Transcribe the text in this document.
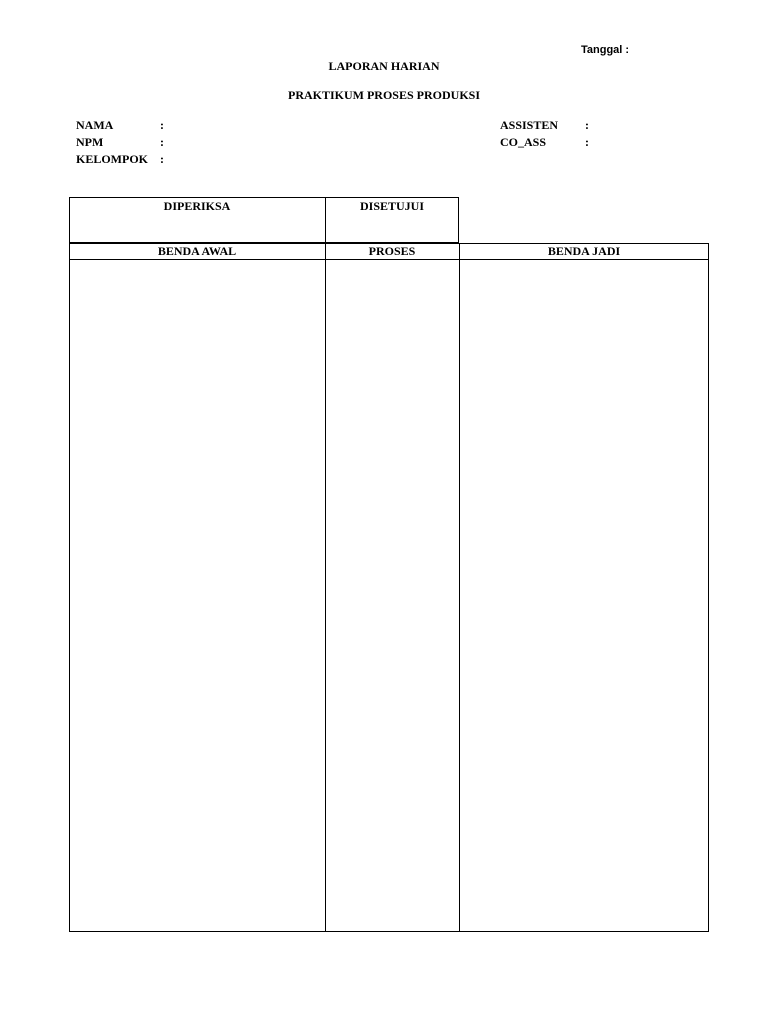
Tanggal :
LAPORAN HARIAN
PRAKTIKUM PROSES PRODUKSI
NAMA	:
NPM	:
KELOMPOK :
ASSISTEN :
CO_ASS	:
DIPERIKSA	DISETUJUI
BENDA AWAL	PROSES	BENDA JADI
